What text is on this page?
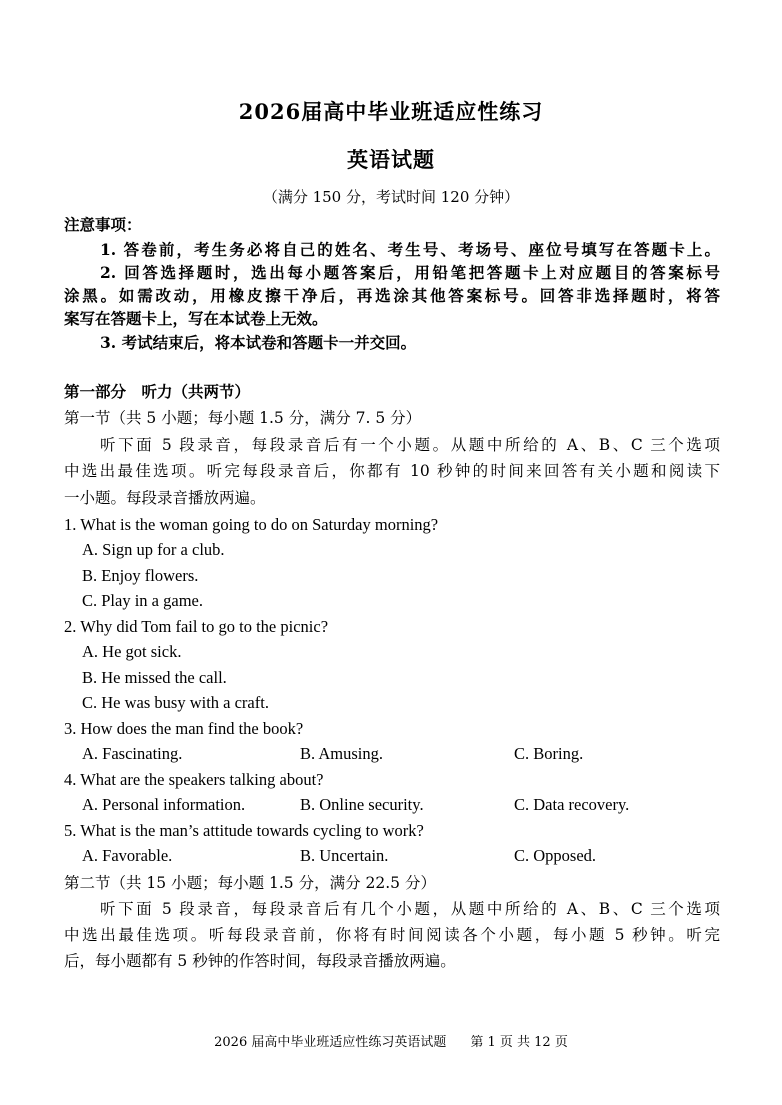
2026届高中毕业班适应性练习
英语试题
（满分 150 分，考试时间 120 分钟）
注意事项：
1. 答卷前，考生务必将自己的姓名、考生号、考场号、座位号填写在答题卡上。
2. 回答选择题时，选出每小题答案后，用铅笔把答题卡上对应题目的答案标号
涂黑。如需改动，用橡皮擦干净后，再选涂其他答案标号。回答非选择题时，将答
案写在答题卡上，写在本试卷上无效。
3. 考试结束后，将本试卷和答题卡一并交回。
第一部分　听力（共两节）
第一节（共 5 小题；每小题 1.5 分，满分 7. 5 分）
听下面 5 段录音，每段录音后有一个小题。从题中所给的 A、B、C 三个选项
中选出最佳选项。听完每段录音后，你都有 10 秒钟的时间来回答有关小题和阅读下
一小题。每段录音播放两遍。
1. What is the woman going to do on Saturday morning?
A. Sign up for a club.
B. Enjoy flowers.
C. Play in a game.
2. Why did Tom fail to go to the picnic?
A. He got sick.
B. He missed the call.
C. He was busy with a craft.
3. How does the man find the book?
A. Fascinating.	B. Amusing.	C. Boring.
4. What are the speakers talking about?
A. Personal information.	B. Online security.	C. Data recovery.
5. What is the man’s attitude towards cycling to work?
A. Favorable.	B. Uncertain.	C. Opposed.
第二节（共 15 小题；每小题 1.5 分，满分 22.5 分）
听下面 5 段录音，每段录音后有几个小题，从题中所给的 A、B、C 三个选项
中选出最佳选项。听每段录音前，你将有时间阅读各个小题，每小题 5 秒钟。听完
后，每小题都有 5 秒钟的作答时间，每段录音播放两遍。
2026 届高中毕业班适应性练习英语试题 第 1 页 共 12 页
